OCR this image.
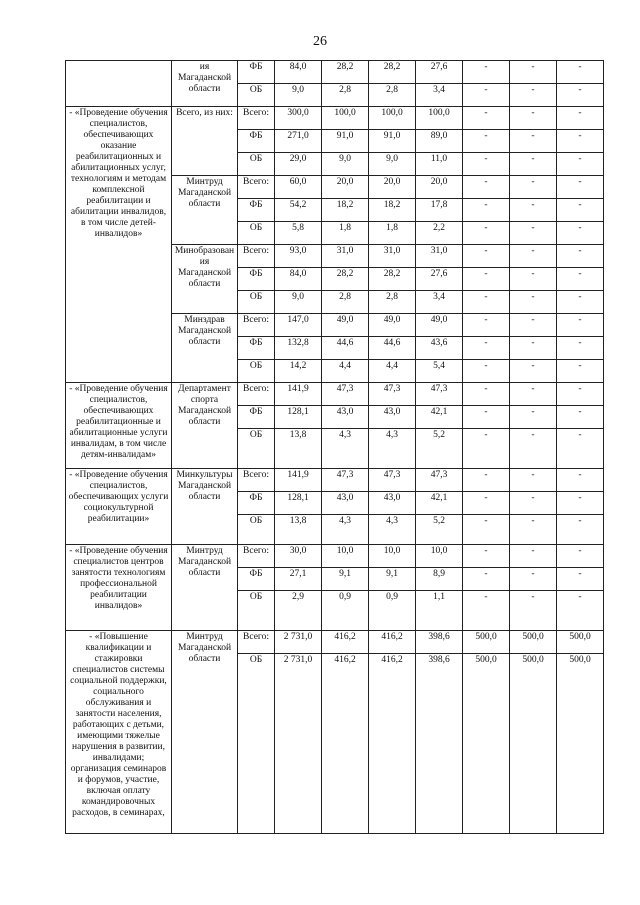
26
	ия Магаданской области	ФБ	84,0	28,2	28,2	27,6	-	-	-
		ОБ	9,0	2,8	2,8	3,4	-	-	-
- «Проведение обучения специалистов, обеспечивающих оказание реабилитационных и абилитационных услуг, технологиям и методам комплексной реабилитации и абилитации инвалидов, в том числе детей-инвалидов»	Всего, из них:	Всего:	300,0	100,0	100,0	100,0	-	-	-
		ФБ	271,0	91,0	91,0	89,0	-	-	-
		ОБ	29,0	9,0	9,0	11,0	-	-	-
	Минтруд Магаданской области	Всего:	60,0	20,0	20,0	20,0	-	-	-
		ФБ	54,2	18,2	18,2	17,8	-	-	-
		ОБ	5,8	1,8	1,8	2,2	-	-	-
	Минобразован ия Магаданской области	Всего:	93,0	31,0	31,0	31,0	-	-	-
		ФБ	84,0	28,2	28,2	27,6	-	-	-
		ОБ	9,0	2,8	2,8	3,4	-	-	-
	Минздрав Магаданской области	Всего:	147,0	49,0	49,0	49,0	-	-	-
		ФБ	132,8	44,6	44,6	43,6	-	-	-
		ОБ	14,2	4,4	4,4	5,4	-	-	-
- «Проведение обучения специалистов, обеспечивающих реабилитационные и абилитационные услуги инвалидам, в том числе детям-инвалидам»	Департамент спорта Магаданской области	Всего:	141,9	47,3	47,3	47,3	-	-	-
		ФБ	128,1	43,0	43,0	42,1	-	-	-
		ОБ	13,8	4,3	4,3	5,2	-	-	-
- «Проведение обучения специалистов, обеспечивающих услуги социокультурной реабилитации»	Минкультуры Магаданской области	Всего:	141,9	47,3	47,3	47,3	-	-	-
		ФБ	128,1	43,0	43,0	42,1	-	-	-
		ОБ	13,8	4,3	4,3	5,2	-	-	-
- «Проведение обучения специалистов центров занятости технологиям профессиональной реабилитации инвалидов»	Минтруд Магаданской области	Всего:	30,0	10,0	10,0	10,0	-	-	-
		ФБ	27,1	9,1	9,1	8,9	-	-	-
		ОБ	2,9	0,9	0,9	1,1	-	-	-
- «Повышение квалификации и стажировки специалистов системы социальной поддержки, социального обслуживания и занятости населения, работающих с детьми, имеющими тяжелые нарушения в развитии, инвалидами; организация семинаров и форумов, участие, включая оплату командировочных расходов, в семинарах,	Минтруд Магаданской области	Всего:	2 731,0	416,2	416,2	398,6	500,0	500,0	500,0
		ОБ	2 731,0	416,2	416,2	398,6	500,0	500,0	500,0
